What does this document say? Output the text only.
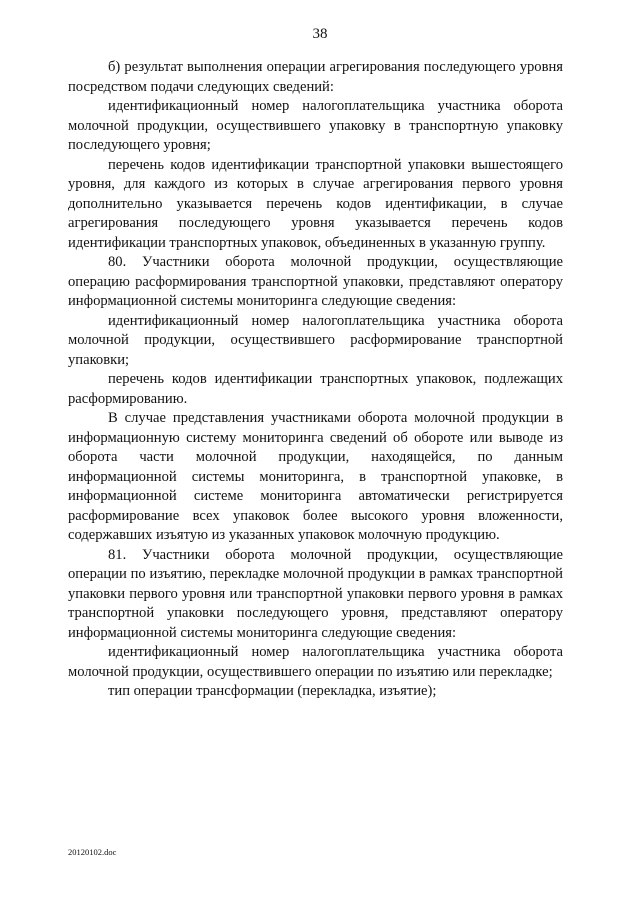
38

б) результат выполнения операции агрегирования последующего уровня посредством подачи следующих сведений:

идентификационный номер налогоплательщика участника оборота молочной продукции, осуществившего упаковку в транспортную упаковку последующего уровня;

перечень кодов идентификации транспортной упаковки вышестоящего уровня, для каждого из которых в случае агрегирования первого уровня дополнительно указывается перечень кодов идентификации, в случае агрегирования последующего уровня указывается перечень кодов идентификации транспортных упаковок, объединенных в указанную группу.

80. Участники оборота молочной продукции, осуществляющие операцию расформирования транспортной упаковки, представляют оператору информационной системы мониторинга следующие сведения:

идентификационный номер налогоплательщика участника оборота молочной продукции, осуществившего расформирование транспортной упаковки;

перечень кодов идентификации транспортных упаковок, подлежащих расформированию.

В случае представления участниками оборота молочной продукции в информационную систему мониторинга сведений об обороте или выводе из оборота части молочной продукции, находящейся, по данным информационной системы мониторинга, в транспортной упаковке, в информационной системе мониторинга автоматически регистрируется расформирование всех упаковок более высокого уровня вложенности, содержавших изъятую из указанных упаковок молочную продукцию.

81. Участники оборота молочной продукции, осуществляющие операции по изъятию, перекладке молочной продукции в рамках транспортной упаковки первого уровня или транспортной упаковки первого уровня в рамках транспортной упаковки последующего уровня, представляют оператору информационной системы мониторинга следующие сведения:

идентификационный номер налогоплательщика участника оборота молочной продукции, осуществившего операции по изъятию или перекладке;

тип операции трансформации (перекладка, изъятие);

20120102.doc
